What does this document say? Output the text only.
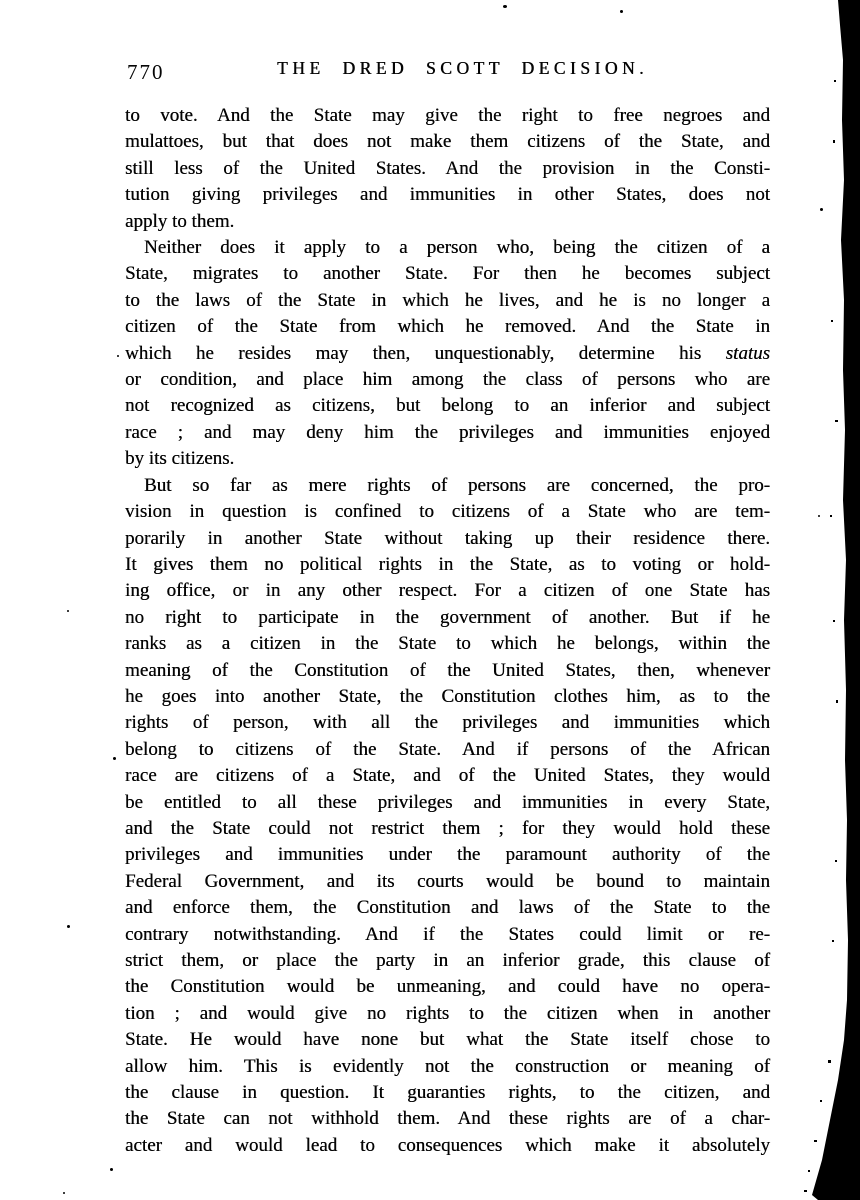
770	THE DRED SCOTT DECISION.
to vote. And the State may give the right to free negroes and
mulattoes, but that does not make them citizens of the State, and
still less of the United States. And the provision in the Consti-
tution giving privileges and immunities in other States, does not
apply to them.
Neither does it apply to a person who, being the citizen of a
State, migrates to another State. For then he becomes subject
to the laws of the State in which he lives, and he is no longer a
citizen of the State from which he removed. And the State in
which he resides may then, unquestionably, determine his status
or condition, and place him among the class of persons who are
not recognized as citizens, but belong to an inferior and subject
race ; and may deny him the privileges and immunities enjoyed
by its citizens.
But so far as mere rights of persons are concerned, the pro-
vision in question is confined to citizens of a State who are tem-
porarily in another State without taking up their residence there.
It gives them no political rights in the State, as to voting or hold-
ing office, or in any other respect. For a citizen of one State has
no right to participate in the government of another. But if he
ranks as a citizen in the State to which he belongs, within the
meaning of the Constitution of the United States, then, whenever
he goes into another State, the Constitution clothes him, as to the
rights of person, with all the privileges and immunities which
belong to citizens of the State. And if persons of the African
race are citizens of a State, and of the United States, they would
be entitled to all these privileges and immunities in every State,
and the State could not restrict them ; for they would hold these
privileges and immunities under the paramount authority of the
Federal Government, and its courts would be bound to maintain
and enforce them, the Constitution and laws of the State to the
contrary notwithstanding. And if the States could limit or re-
strict them, or place the party in an inferior grade, this clause of
the Constitution would be unmeaning, and could have no opera-
tion ; and would give no rights to the citizen when in another
State. He would have none but what the State itself chose to
allow him. This is evidently not the construction or meaning of
the clause in question. It guaranties rights, to the citizen, and
the State can not withhold them. And these rights are of a char-
acter and would lead to consequences which make it absolutely
